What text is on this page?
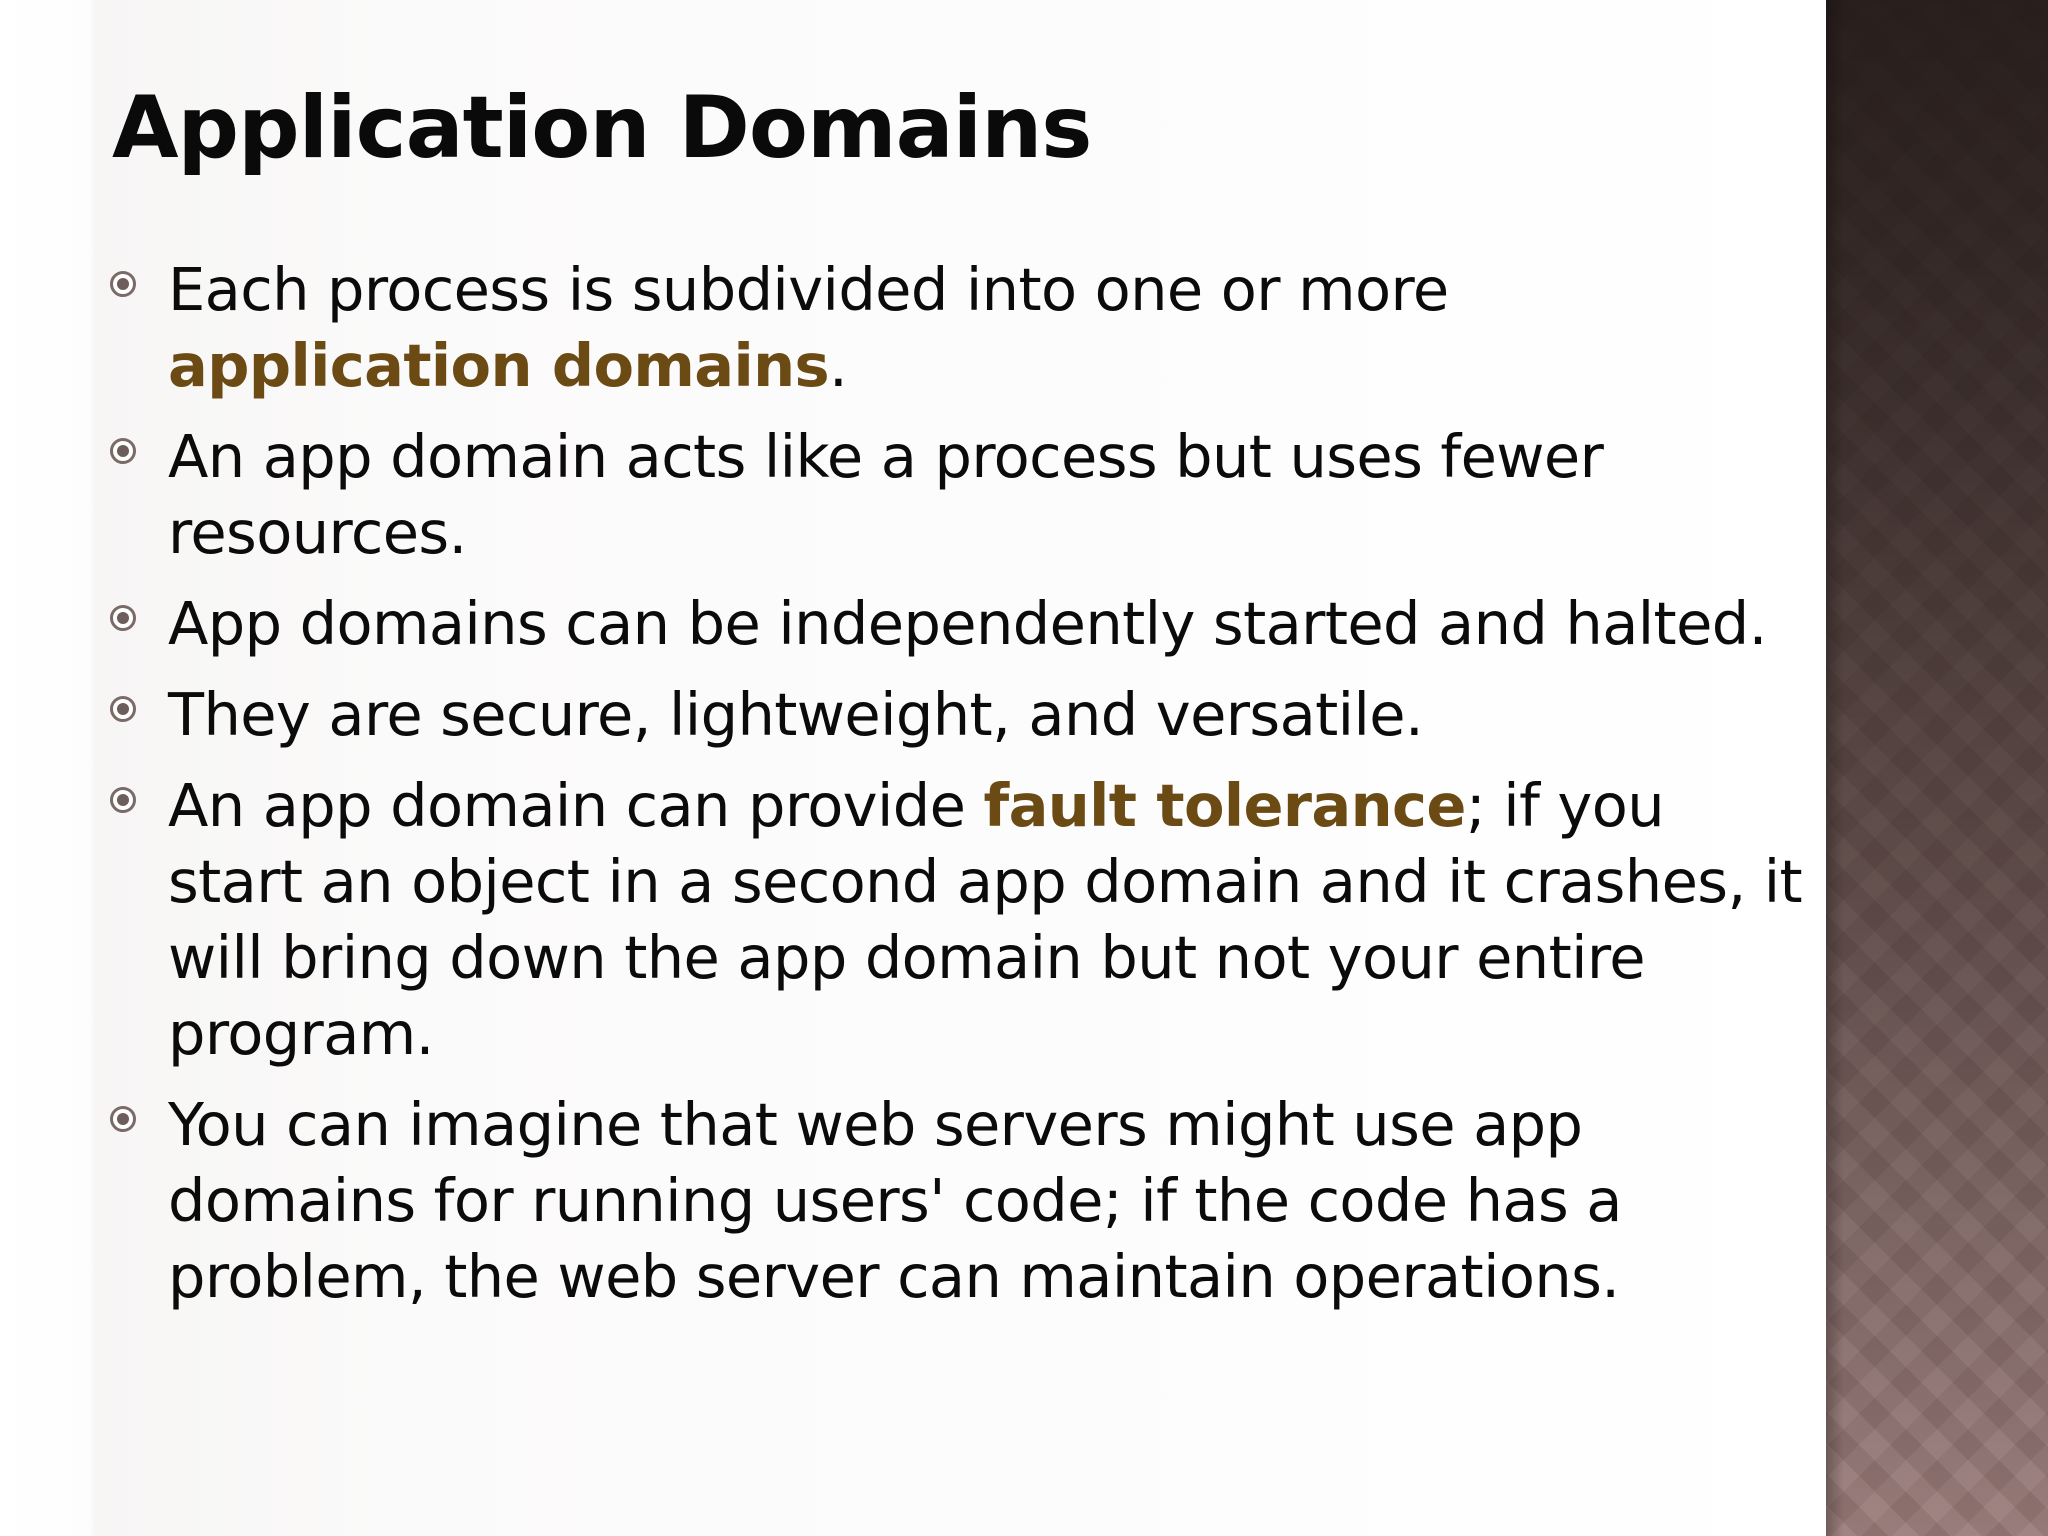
Application Domains
Each process is subdivided into one or more
application domains.
An app domain acts like a process but uses fewer resources.
App domains can be independently started and halted.
They are secure, lightweight, and versatile.
An app domain can provide fault tolerance; if you start an object in a second app domain and it crashes, it will bring down the app domain but not your entire program.
You can imagine that web servers might use app domains for running users' code; if the code has a problem, the web server can maintain operations.
